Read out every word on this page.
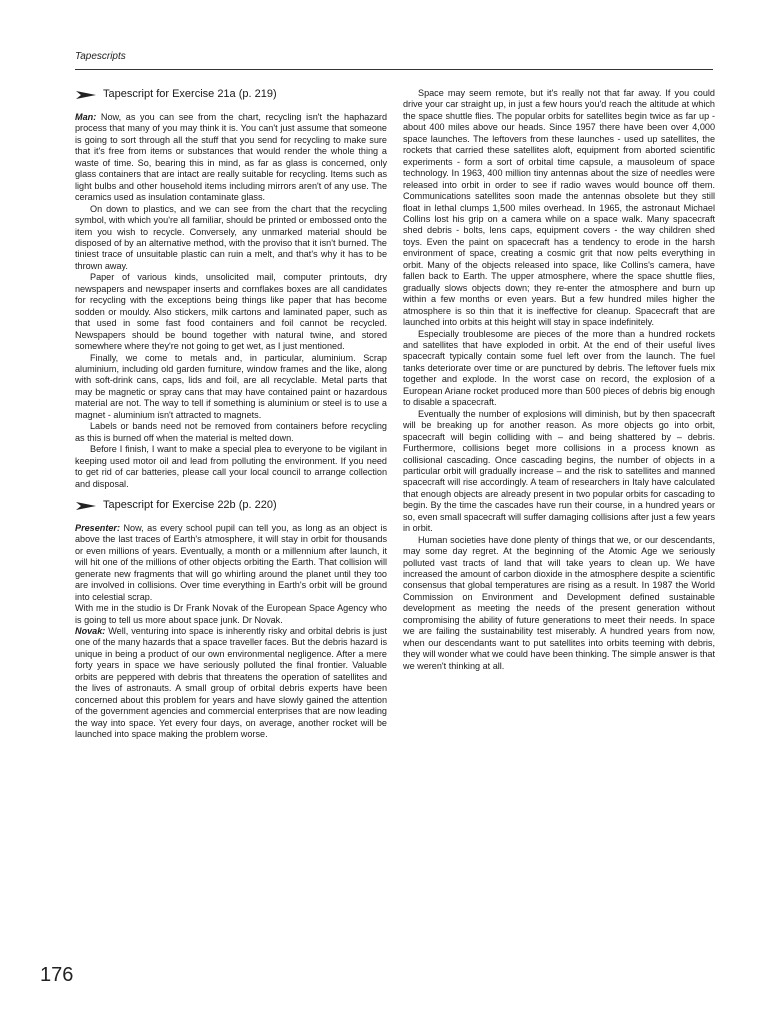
Tapescripts
Tapescript for Exercise 21a (p. 219)

Man: Now, as you can see from the chart, recycling isn't the haphazard process that many of you may think it is. You can't just assume that someone is going to sort through all the stuff that you send for recycling to make sure that it's free from items or substances that would render the whole thing a waste of time. So, bearing this in mind, as far as glass is concerned, only glass containers that are intact are really suitable for recycling. Items such as light bulbs and other household items including mirrors aren't of any use. The ceramics used as insulation contaminate glass.

On down to plastics, and we can see from the chart that the recycling symbol, with which you're all familiar, should be printed or embossed onto the item you wish to recycle. Conversely, any unmarked material should be disposed of by an alternative method, with the proviso that it isn't burned. The tiniest trace of unsuitable plastic can ruin a melt, and that's why it has to be thrown away.

Paper of various kinds, unsolicited mail, computer printouts, dry newspapers and newspaper inserts and cornflakes boxes are all candidates for recycling with the exceptions being things like paper that has become sodden or mouldy. Also stickers, milk cartons and laminated paper, such as that used in some fast food containers and foil cannot be recycled. Newspapers should be bound together with natural twine, and stored somewhere where they're not going to get wet, as I just mentioned.

Finally, we come to metals and, in particular, aluminium. Scrap aluminium, including old garden furniture, window frames and the like, along with soft-drink cans, caps, lids and foil, are all recyclable. Metal parts that may be magnetic or spray cans that may have contained paint or hazardous material are not. The way to tell if something is aluminium or steel is to use a magnet - aluminium isn't attracted to magnets.

Labels or bands need not be removed from containers before recycling as this is burned off when the material is melted down.

Before I finish, I want to make a special plea to everyone to be vigilant in keeping used motor oil and lead from polluting the environment. If you need to get rid of car batteries, please call your local council to arrange collection and disposal.

Tapescript for Exercise 22b (p. 220)

Presenter: Now, as every school pupil can tell you, as long as an object is above the last traces of Earth's atmosphere, it will stay in orbit for thousands or even millions of years. Eventually, a month or a millennium after launch, it will hit one of the millions of other objects orbiting the Earth. That collision will generate new fragments that will go whirling around the planet until they too are involved in collisions. Over time everything in Earth's orbit will be ground into celestial scrap.

With me in the studio is Dr Frank Novak of the European Space Agency who is going to tell us more about space junk. Dr Novak.

Novak: Well, venturing into space is inherently risky and orbital debris is just one of the many hazards that a space traveller faces. But the debris hazard is unique in being a product of our own environmental negligence. After a mere forty years in space we have seriously polluted the final frontier. Valuable orbits are peppered with debris that threatens the operation of satellites and the lives of astronauts. A small group of orbital debris experts have been concerned about this problem for years and have slowly gained the attention of the government agencies and commercial enterprises that are now leading the way into space. Yet every four days, on average, another rocket will be launched into space making the problem worse.

Space may seem remote, but it's really not that far away. If you could drive your car straight up, in just a few hours you'd reach the altitude at which the space shuttle flies. The popular orbits for satellites begin twice as far up - about 400 miles above our heads. Since 1957 there have been over 4,000 space launches. The leftovers from these launches - used up satellites, the rockets that carried these satellites aloft, equipment from aborted scientific experiments - form a sort of orbital time capsule, a mausoleum of space technology. In 1963, 400 million tiny antennas about the size of needles were released into orbit in order to see if radio waves would bounce off them. Communications satellites soon made the antennas obsolete but they still float in lethal clumps 1,500 miles overhead. In 1965, the astronaut Michael Collins lost his grip on a camera while on a space walk. Many spacecraft shed debris - bolts, lens caps, equipment covers - the way children shed toys. Even the paint on spacecraft has a tendency to erode in the harsh environment of space, creating a cosmic grit that now pelts everything in orbit. Many of the objects released into space, like Collins's camera, have fallen back to Earth. The upper atmosphere, where the space shuttle flies, gradually slows objects down; they re-enter the atmosphere and burn up within a few months or even years. But a few hundred miles higher the atmosphere is so thin that it is ineffective for cleanup. Spacecraft that are launched into orbits at this height will stay in space indefinitely.

Especially troublesome are pieces of the more than a hundred rockets and satellites that have exploded in orbit. At the end of their useful lives spacecraft typically contain some fuel left over from the launch. The fuel tanks deteriorate over time or are punctured by debris. The leftover fuels mix together and explode. In the worst case on record, the explosion of a European Ariane rocket produced more than 500 pieces of debris big enough to disable a spacecraft.

Eventually the number of explosions will diminish, but by then spacecraft will be breaking up for another reason. As more objects go into orbit, spacecraft will begin colliding with – and being shattered by – debris. Furthermore, collisions beget more collisions in a process known as collisional cascading. Once cascading begins, the number of objects in a particular orbit will gradually increase – and the risk to satellites and manned spacecraft will rise accordingly. A team of researchers in Italy have calculated that enough objects are already present in two popular orbits for cascading to begin. By the time the cascades have run their course, in a hundred years or so, even small spacecraft will suffer damaging collisions after just a few years in orbit.

Human societies have done plenty of things that we, or our descendants, may some day regret. At the beginning of the Atomic Age we seriously polluted vast tracts of land that will take years to clean up. We have increased the amount of carbon dioxide in the atmosphere despite a scientific consensus that global temperatures are rising as a result. In 1987 the World Commission on Environment and Development defined sustainable development as meeting the needs of the present generation without compromising the ability of future generations to meet their needs. In space we are failing the sustainability test miserably. A hundred years from now, when our descendants want to put satellites into orbits teeming with debris, they will wonder what we could have been thinking. The simple answer is that we weren't thinking at all.

176
